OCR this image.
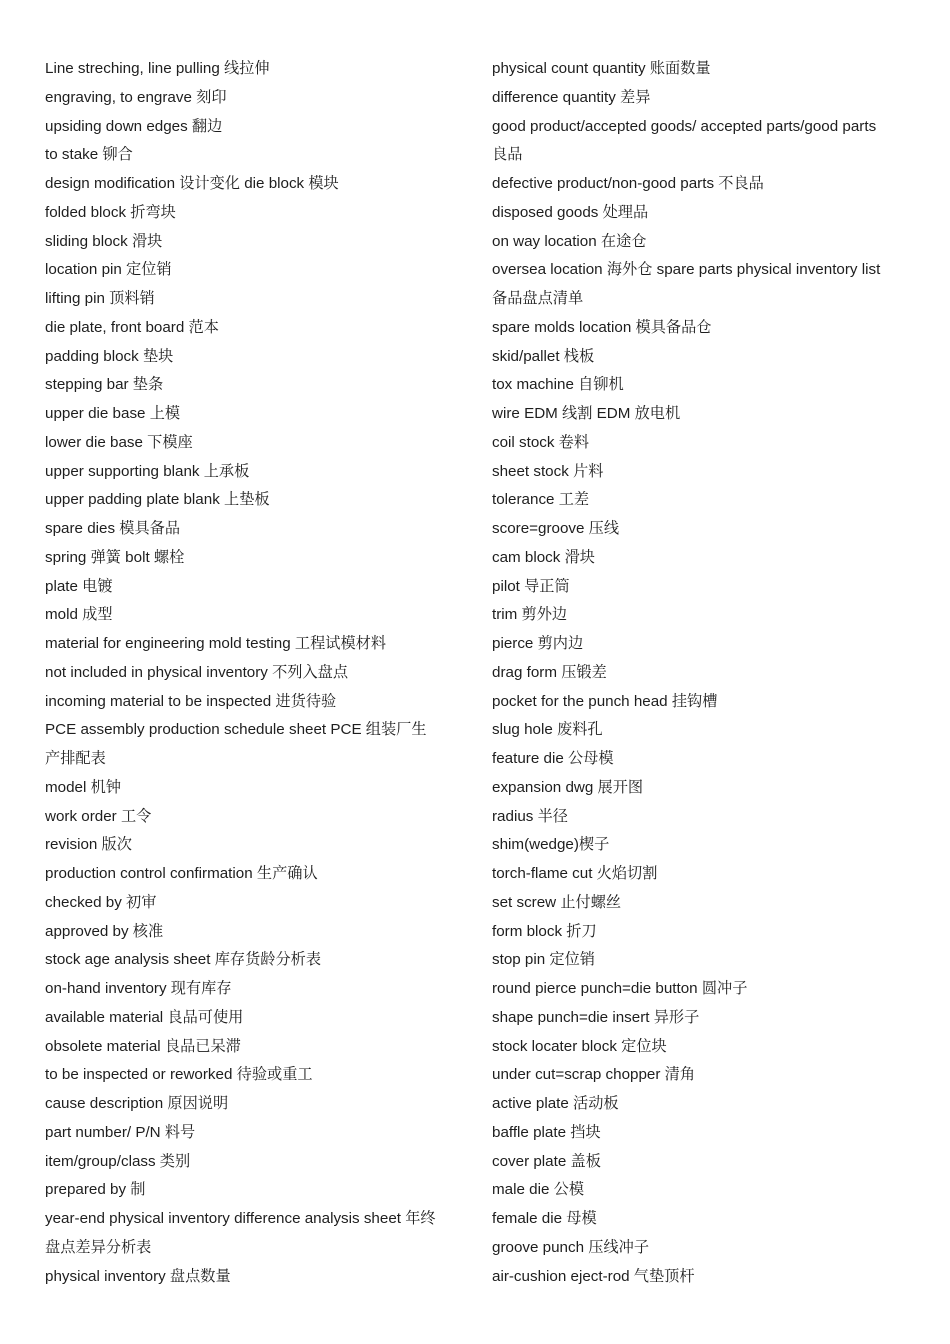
Line streching, line pulling 线拉伸
engraving, to engrave 刻印
upsiding down edges 翻边
to stake 铆合
design modification 设计变化 die block 模块
folded block 折弯块
sliding block 滑块
location pin 定位销
lifting pin 顶料销
die plate, front board 范本
padding block 垫块
stepping bar 垫条
upper die base 上模
lower die base 下模座
upper supporting blank 上承板
upper padding plate blank 上垫板
spare dies 模具备品
spring 弹簧 bolt 螺栓
plate 电镀
mold 成型
material for engineering mold testing 工程试模材料
not included in physical inventory 不列入盘点
incoming material to be inspected 进货待验
PCE assembly production schedule sheet PCE 组装厂生
产排配表
model 机钟
work order 工令
revision 版次
production control confirmation 生产确认
checked by 初审
approved by 核准
stock age analysis sheet 库存货龄分析表
on-hand inventory 现有库存
available material 良品可使用
obsolete material 良品已呆滞
to be inspected or reworked 待验或重工
cause description 原因说明
part number/ P/N 料号
item/group/class 类别
prepared by 制
year-end physical inventory difference analysis sheet 年终
盘点差异分析表
physical inventory 盘点数量
physical count quantity 账面数量
difference quantity 差异
good product/accepted goods/ accepted parts/good parts
良品
defective product/non-good parts 不良品
disposed goods 处理品
on way location 在途仓
oversea location 海外仓 spare parts physical inventory list
备品盘点清单
spare molds location 模具备品仓
skid/pallet 栈板
tox machine 自铆机
wire EDM 线割 EDM 放电机
coil stock 卷料
sheet stock 片料
tolerance 工差
score=groove 压线
cam block 滑块
pilot 导正筒
trim 剪外边
pierce 剪内边
drag form 压锻差
pocket for the punch head 挂钩槽
slug hole 废料孔
feature die 公母模
expansion dwg 展开图
radius 半径
shim(wedge)楔子
torch-flame cut 火焰切割
set screw 止付螺丝
form block 折刀
stop pin 定位销
round pierce punch=die button 圆冲子
shape punch=die insert 异形子
stock locater block 定位块
under cut=scrap chopper 清角
active plate 活动板
baffle plate 挡块
cover plate 盖板
male die 公模
female die 母模
groove punch 压线冲子
air-cushion eject-rod 气垫顶杆
